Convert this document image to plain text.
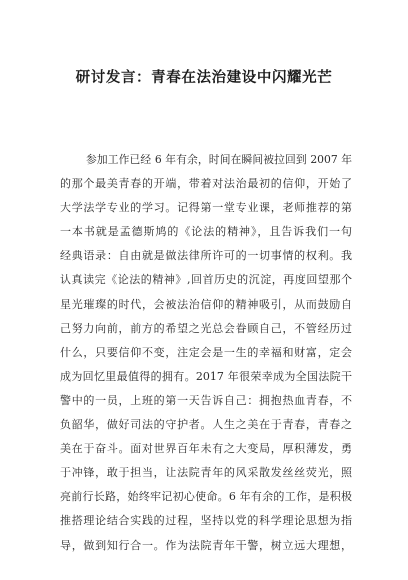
研讨发言：青春在法治建设中闪耀光芒
参加工作已经 6 年有余，时间在瞬间被拉回到 2007 年
的那个最美青春的开端，带着对法治最初的信仰，开始了
大学法学专业的学习。记得第一堂专业课，老师推荐的第
一本书就是孟德斯鸠的《论法的精神》，且告诉我们一句
经典语录：自由就是做法律所许可的一切事情的权利。我
认真读完《论法的精神》,回首历史的沉淀，再度回望那个
星光璀璨的时代，会被法治信仰的精神吸引，从而鼓励自
己努力向前，前方的希望之光总会眷顾自己，不管经历过
什么，只要信仰不变，注定会是一生的幸福和财富，定会
成为回忆里最值得的拥有。2017 年很荣幸成为全国法院干
警中的一员，上班的第一天告诉自己：拥抱热血青春，不
负韶华，做好司法的守护者。人生之美在于青春，青春之
美在于奋斗。面对世界百年未有之大变局，厚积薄发，勇
于冲锋，敢于担当，让法院青年的风采散发丝丝荧光，照
亮前行长路，始终牢记初心使命。6 年有余的工作，是积极
推搭理论结合实践的过程，坚持以党的科学理论思想为指
导，做到知行合一。作为法院青年干警，树立远大理想，
